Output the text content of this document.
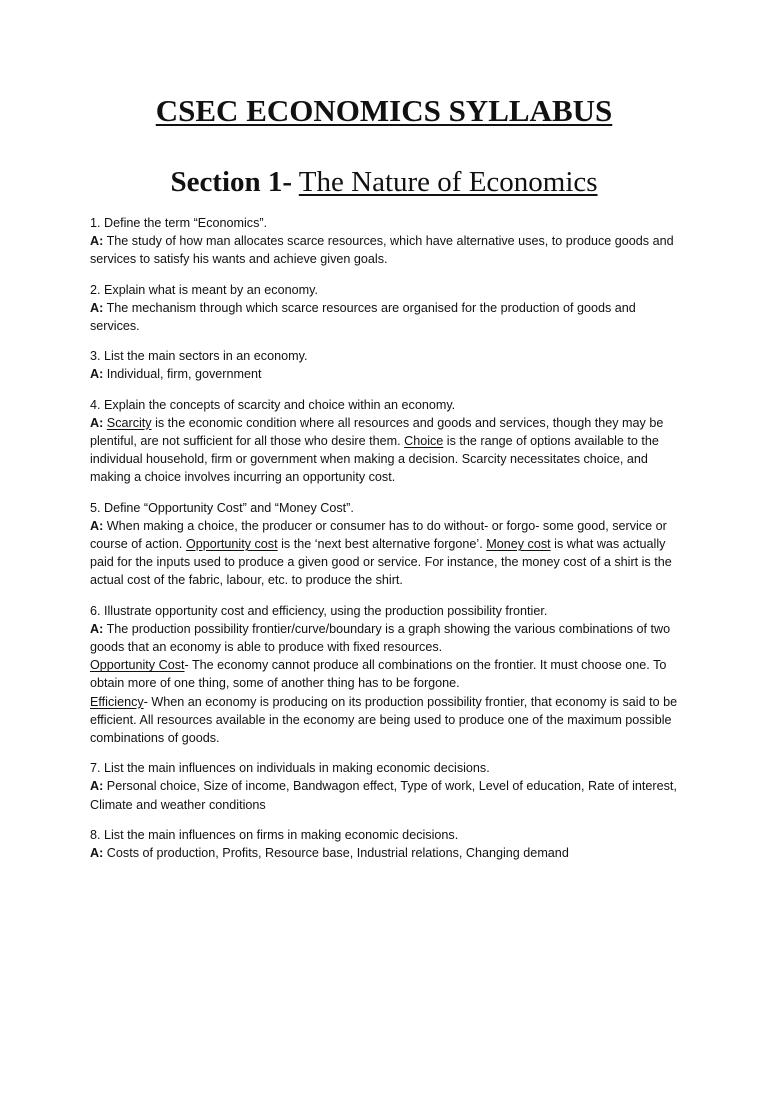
CSEC ECONOMICS SYLLABUS
Section 1- The Nature of Economics

1. Define the term “Economics”.

A: The study of how man allocates scarce resources, which have alternative uses, to produce goods and services to satisfy his wants and achieve given goals.

2. Explain what is meant by an economy.

A: The mechanism through which scarce resources are organised for the production of goods and services.

3. List the main sectors in an economy.

A: Individual, firm, government

4. Explain the concepts of scarcity and choice within an economy.

A: Scarcity is the economic condition where all resources and goods and services, though they may be plentiful, are not sufficient for all those who desire them. Choice is the range of options available to the individual household, firm or government when making a decision. Scarcity necessitates choice, and making a choice involves incurring an opportunity cost.

5. Define “Opportunity Cost” and “Money Cost”.

A: When making a choice, the producer or consumer has to do without- or forgo- some good, service or course of action. Opportunity cost is the ‘next best alternative forgone’. Money cost is what was actually paid for the inputs used to produce a given good or service. For instance, the money cost of a shirt is the actual cost of the fabric, labour, etc. to produce the shirt.

6. Illustrate opportunity cost and efficiency, using the production possibility frontier.

A: The production possibility frontier/curve/boundary is a graph showing the various combinations of two goods that an economy is able to produce with fixed resources.

Opportunity Cost- The economy cannot produce all combinations on the frontier. It must choose one. To obtain more of one thing, some of another thing has to be forgone.

Efficiency- When an economy is producing on its production possibility frontier, that economy is said to be efficient. All resources available in the economy are being used to produce one of the maximum possible combinations of goods.

7. List the main influences on individuals in making economic decisions.

A: Personal choice, Size of income, Bandwagon effect, Type of work, Level of education, Rate of interest, Climate and weather conditions

8. List the main influences on firms in making economic decisions.

A: Costs of production, Profits, Resource base, Industrial relations, Changing demand
